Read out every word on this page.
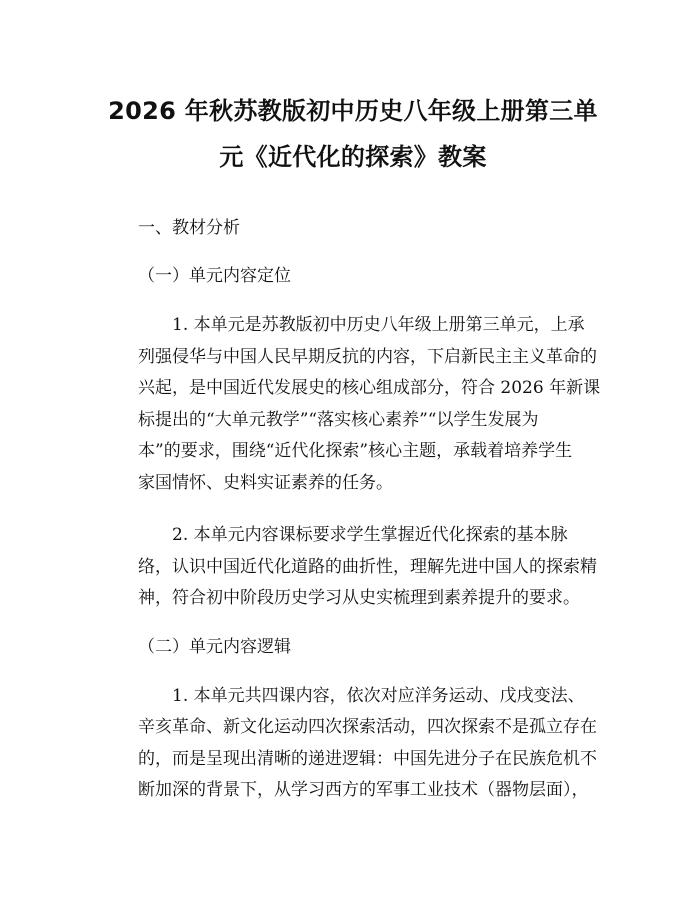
2026 年秋苏教版初中历史八年级上册第三单
元《近代化的探索》教案

一、教材分析

（一）单元内容定位

1. 本单元是苏教版初中历史八年级上册第三单元，上承
列强侵华与中国人民早期反抗的内容，下启新民主主义革命的
兴起，是中国近代发展史的核心组成部分，符合 2026 年新课
标提出的“大单元教学”“落实核心素养”“以学生发展为
本”的要求，围绕“近代化探索”核心主题，承载着培养学生
家国情怀、史料实证素养的任务。

2. 本单元内容课标要求学生掌握近代化探索的基本脉
络，认识中国近代化道路的曲折性，理解先进中国人的探索精
神，符合初中阶段历史学习从史实梳理到素养提升的要求。

（二）单元内容逻辑

1. 本单元共四课内容，依次对应洋务运动、戊戌变法、
辛亥革命、新文化运动四次探索活动，四次探索不是孤立存在
的，而是呈现出清晰的递进逻辑：中国先进分子在民族危机不
断加深的背景下，从学习西方的军事工业技术（器物层面），
